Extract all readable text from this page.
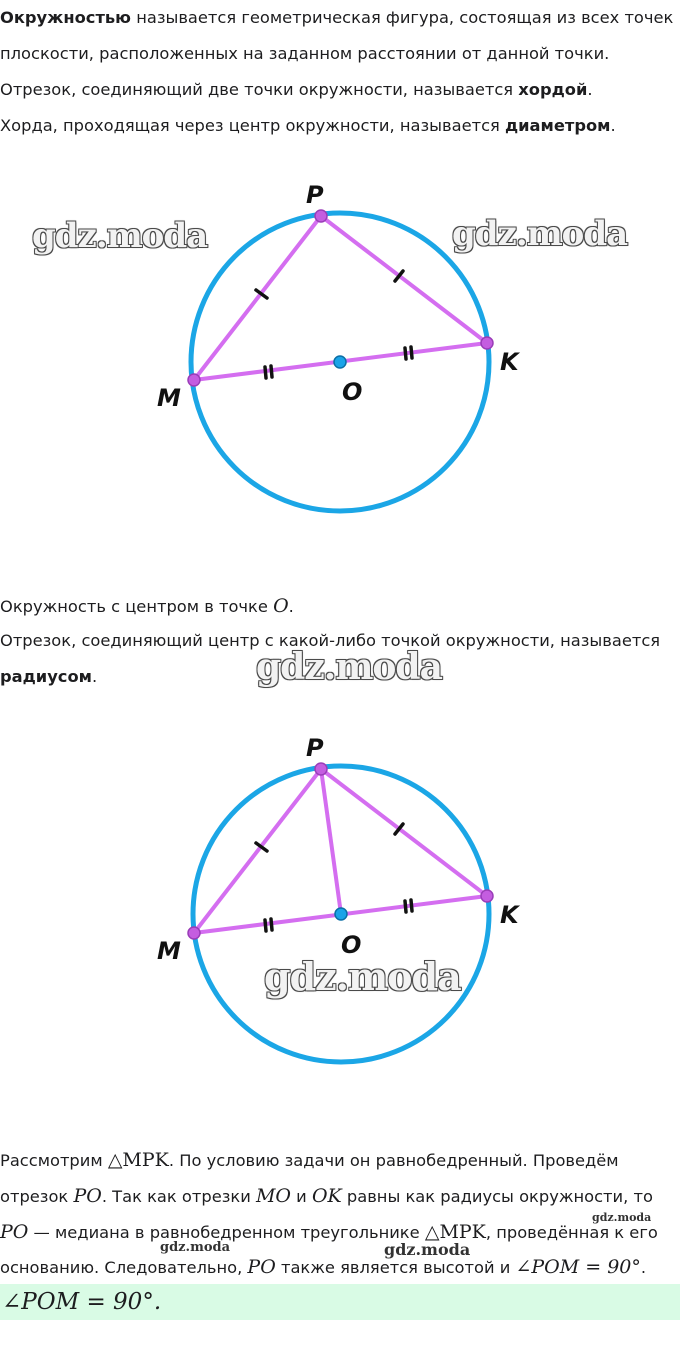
Окружностью называется геометрическая фигура, состоящая из всех точек
плоскости, расположенных на заданном расстоянии от данной точки.
Отрезок, соединяющий две точки окружности, называется хордой.
Хорда, проходящая через центр окружности, называется диаметром.
P
K
M	O
gdz.moda	gdz.moda
Окружность с центром в точке O.
Отрезок, соединяющий центр с какой-либо точкой окружности, называется
радиусом.	gdz.moda
P
K
M	O
gdz.moda
Рассмотрим △MPK. По условию задачи он равнобедренный. Проведём
отрезок PO. Так как отрезки MO и OK равны как радиусы окружности, то
PO — медиана в равнобедренном треугольнике △MPK, проведённая к его
основанию. Следовательно, PO также является высотой и ∠POM = 90°.
gdz.moda
gdz.moda	gdz.moda
∠POM = 90°.
